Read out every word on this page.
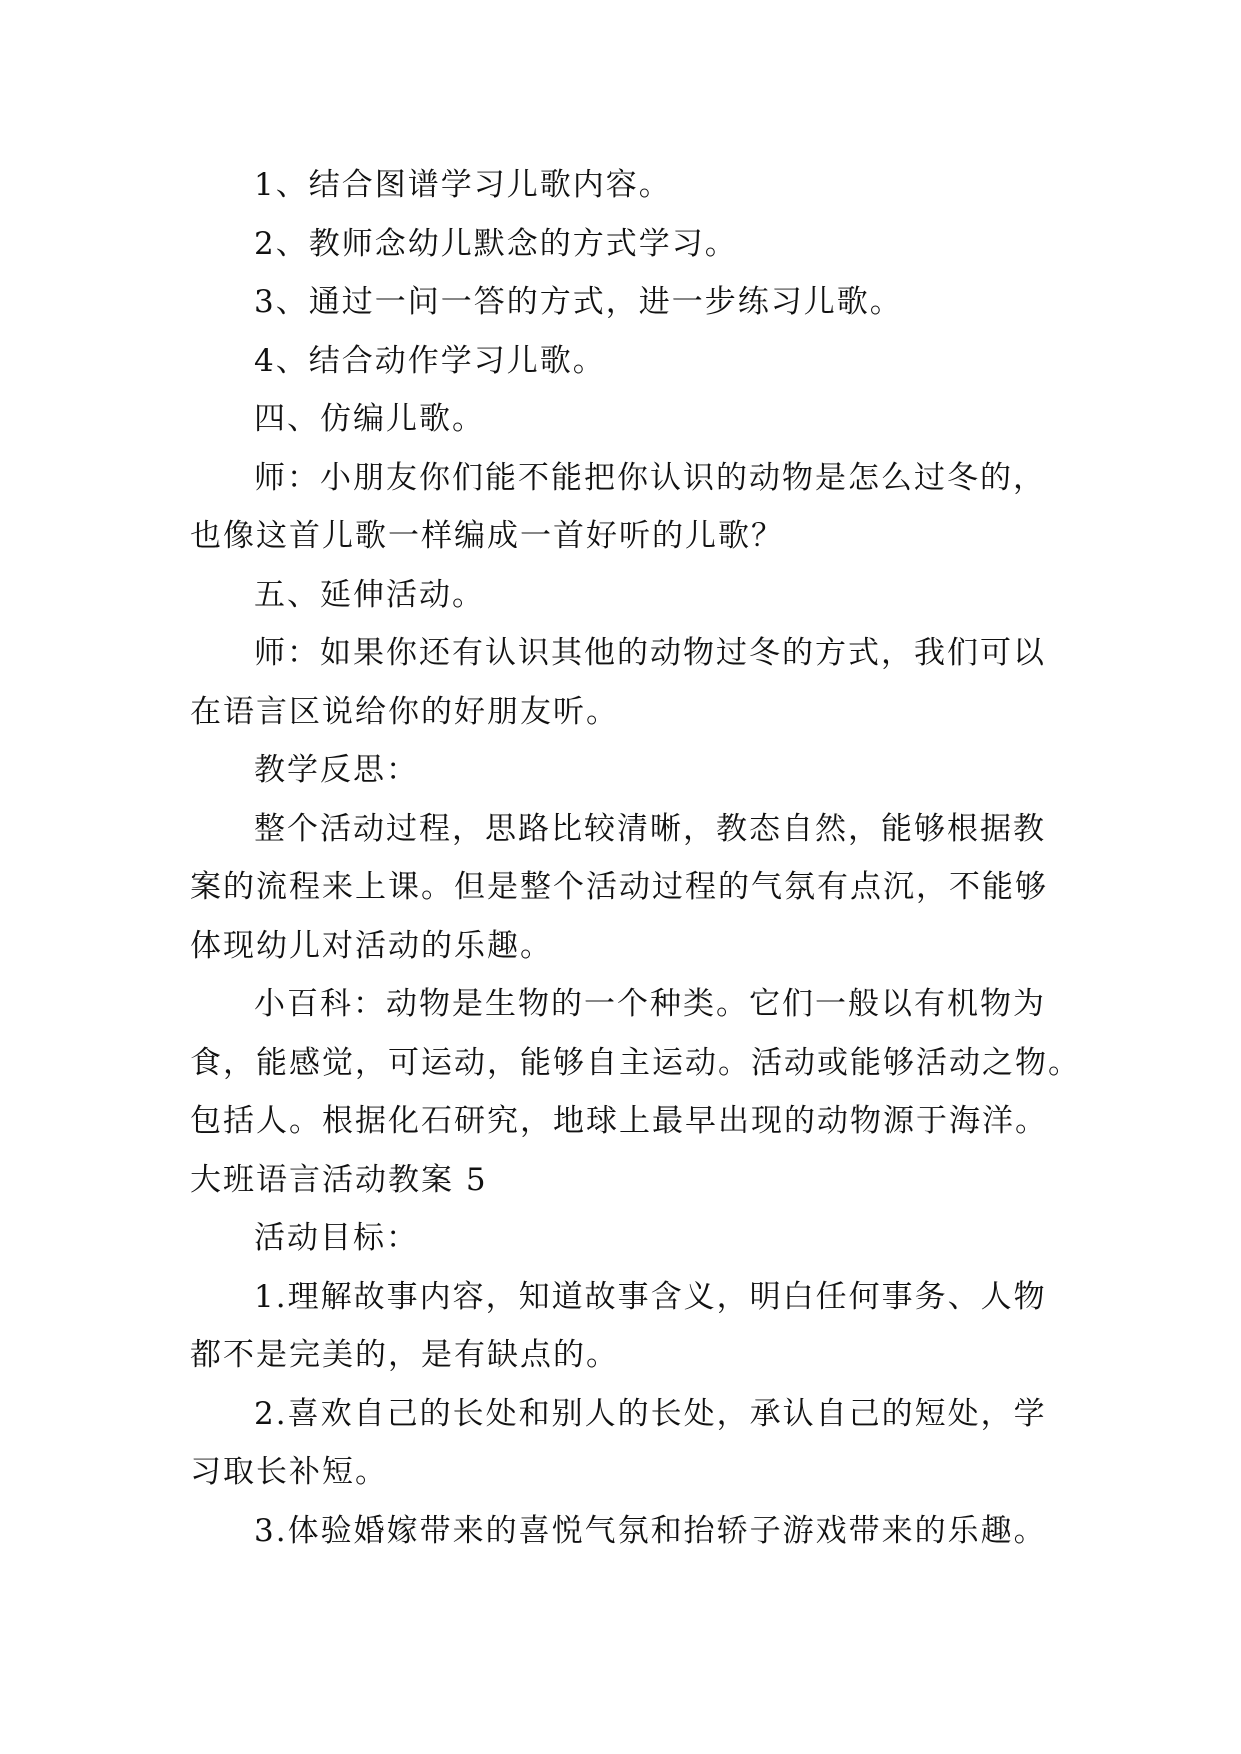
1、结合图谱学习儿歌内容。

2、教师念幼儿默念的方式学习。

3、通过一问一答的方式，进一步练习儿歌。

4、结合动作学习儿歌。

四、仿编儿歌。

师：小朋友你们能不能把你认识的动物是怎么过冬的，

也像这首儿歌一样编成一首好听的儿歌？

五、延伸活动。

师：如果你还有认识其他的动物过冬的方式，我们可以

在语言区说给你的好朋友听。

教学反思：

整个活动过程，思路比较清晰，教态自然，能够根据教

案的流程来上课。但是整个活动过程的气氛有点沉，不能够

体现幼儿对活动的乐趣。

小百科：动物是生物的一个种类。它们一般以有机物为

食，能感觉，可运动，能够自主运动。活动或能够活动之物。

包括人。根据化石研究，地球上最早出现的动物源于海洋。

大班语言活动教案 5

活动目标：

1.理解故事内容，知道故事含义，明白任何事务、人物

都不是完美的，是有缺点的。

2.喜欢自己的长处和别人的长处，承认自己的短处，学

习取长补短。

3.体验婚嫁带来的喜悦气氛和抬轿子游戏带来的乐趣。
